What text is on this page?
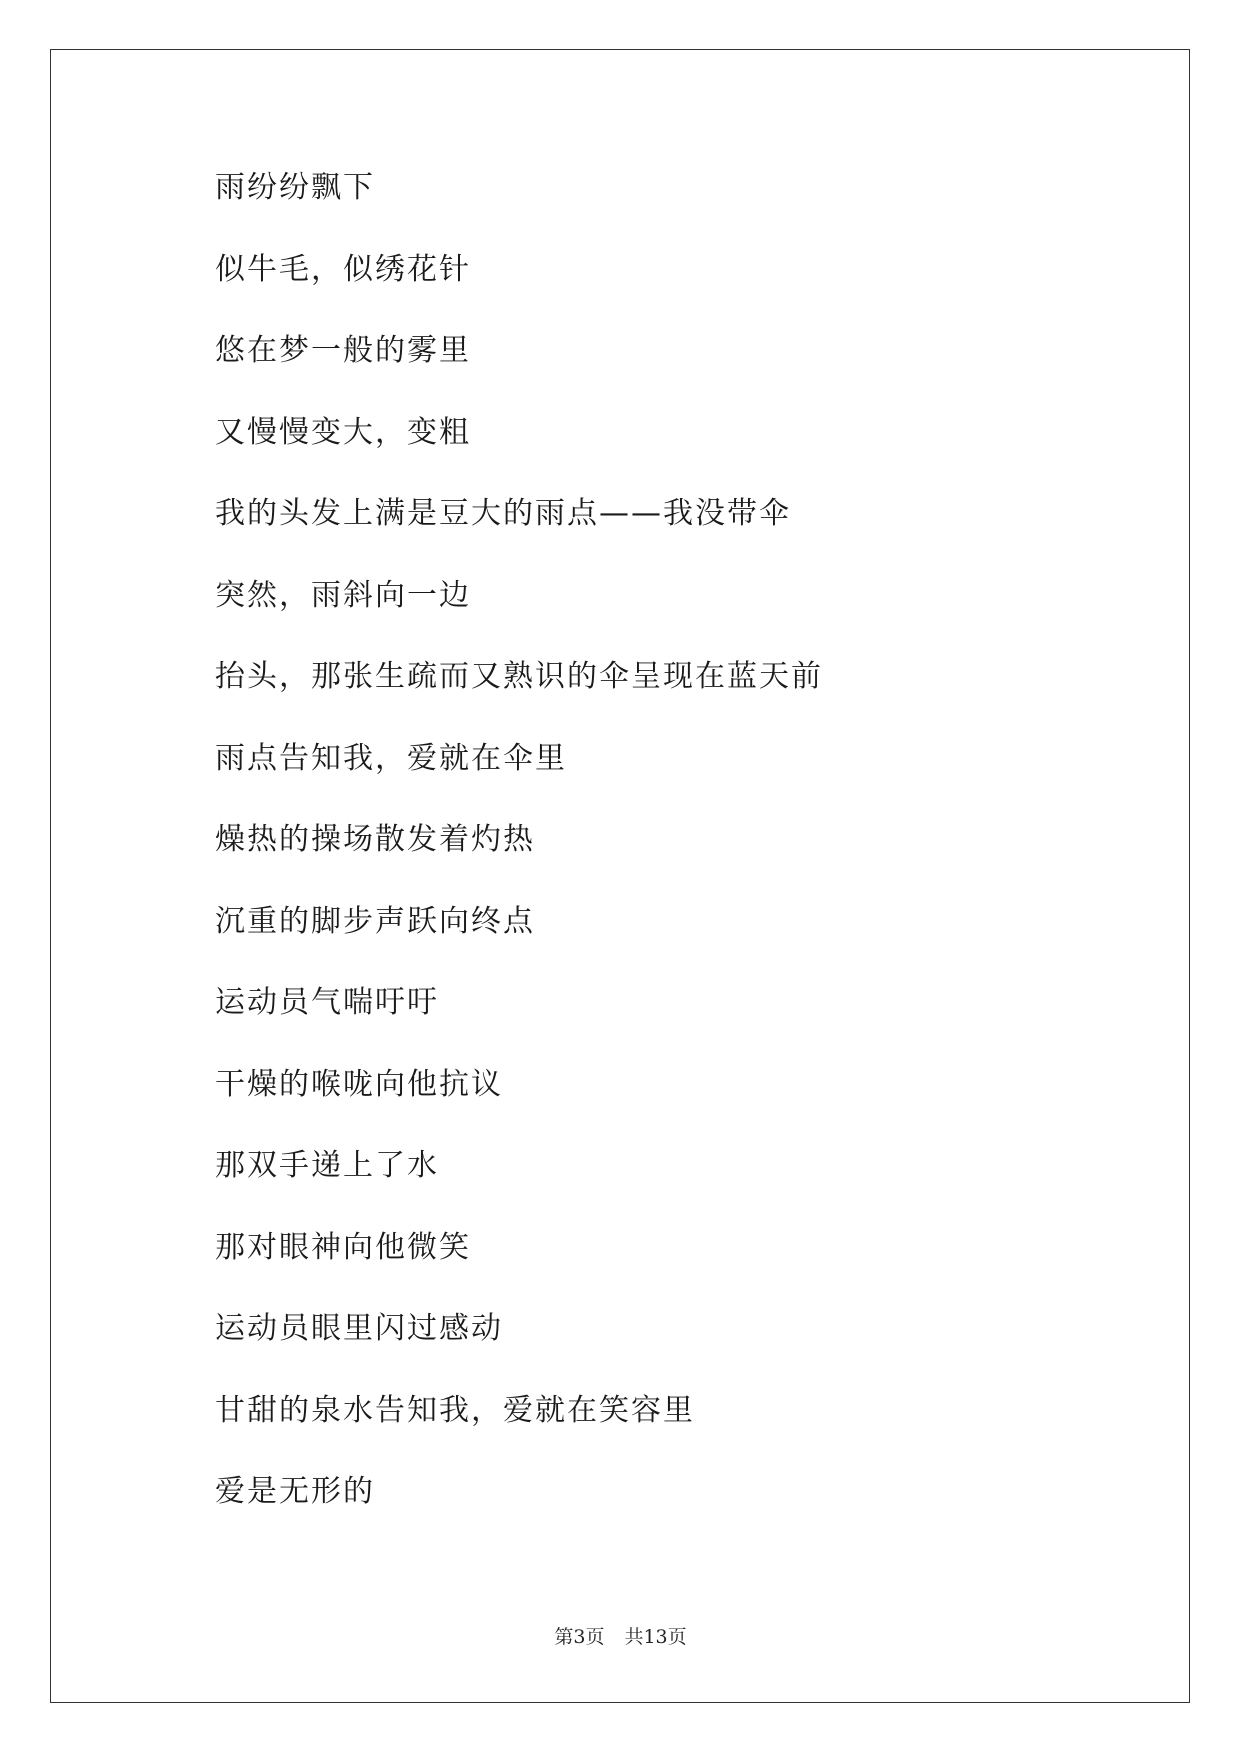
雨纷纷飘下
似牛毛，似绣花针
悠在梦一般的雾里
又慢慢变大，变粗
我的头发上满是豆大的雨点——我没带伞
突然，雨斜向一边
抬头，那张生疏而又熟识的伞呈现在蓝天前
雨点告知我，爱就在伞里
燥热的操场散发着灼热
沉重的脚步声跃向终点
运动员气喘吁吁
干燥的喉咙向他抗议
那双手递上了水
那对眼神向他微笑
运动员眼里闪过感动
甘甜的泉水告知我，爱就在笑容里
爱是无形的
第3页 共13页
